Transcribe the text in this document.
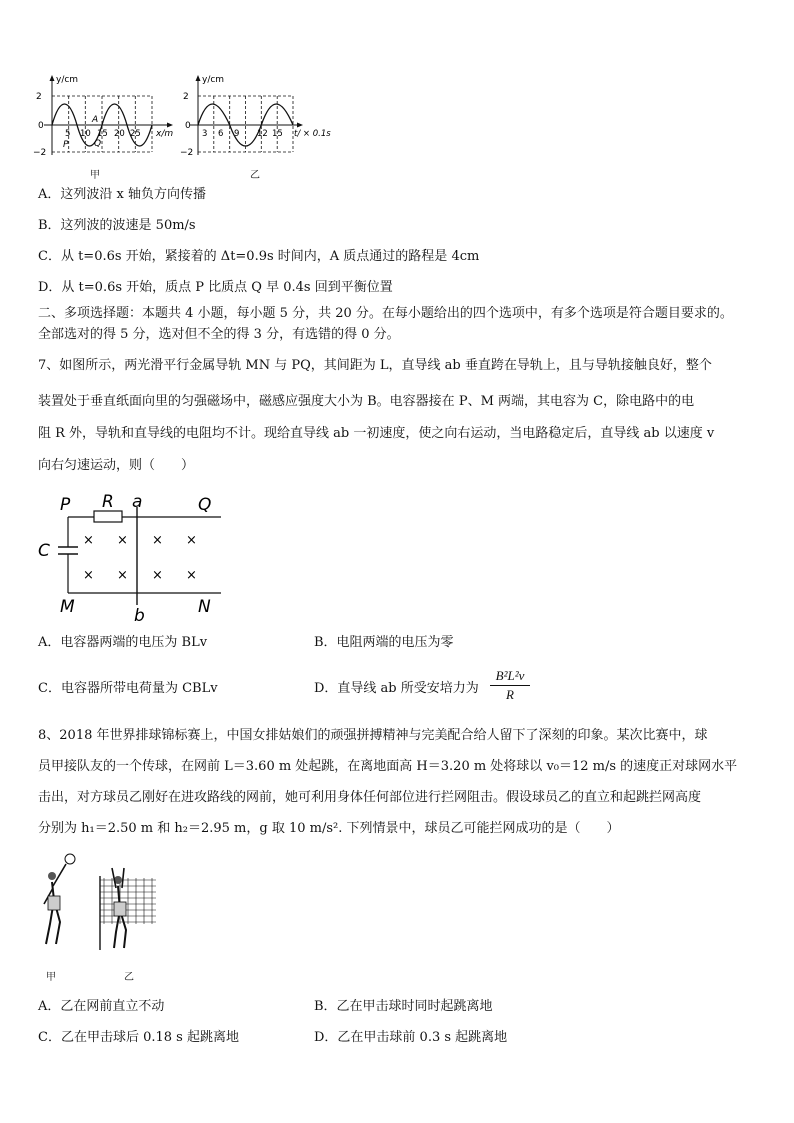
y/cm
2
0
−2
5 10 15 20 25 x/m
P
A
Q
甲
y/cm
2
0
−2
3 6 9 12 15 t/ × 0.1s
乙
A．这列波沿 x 轴负方向传播
B．这列波的波速是 50m/s
C．从 t=0.6s 开始，紧接着的 Δt=0.9s 时间内，A 质点通过的路程是 4cm
D．从 t=0.6s 开始，质点 P 比质点 Q 早 0.4s 回到平衡位置
二、多项选择题：本题共 4 小题，每小题 5 分，共 20 分。在每小题给出的四个选项中，有多个选项是符合题目要求的。
全部选对的得 5 分，选对但不全的得 3 分，有选错的得 0 分。
7、如图所示，两光滑平行金属导轨 MN 与 PQ，其间距为 L，直导线 ab 垂直跨在导轨上，且与导轨接触良好，整个
装置处于垂直纸面向里的匀强磁场中，磁感应强度大小为 B。电容器接在 P、M 两端，其电容为 C，除电路中的电
阻 R 外，导轨和直导线的电阻均不计。现给直导线 ab 一初速度，使之向右运动，当电路稳定后，直导线 ab 以速度 v
向右匀速运动，则（　　）
P R a	Q
C
M	b	N
× × × ×
× × × ×
A．电容器两端的电压为 BLv	B．电阻两端的电压为零
C．电容器所带电荷量为 CBLv	D．直导线 ab 所受安培力为
B²L²v
R
8、2018 年世界排球锦标赛上，中国女排姑娘们的顽强拼搏精神与完美配合给人留下了深刻的印象。某次比赛中，球
员甲接队友的一个传球，在网前 L＝3.60 m 处起跳，在离地面高 H＝3.20 m 处将球以 v₀＝12 m/s 的速度正对球网水平
击出，对方球员乙刚好在进攻路线的网前，她可利用身体任何部位进行拦网阻击。假设球员乙的直立和起跳拦网高度
分别为 h₁＝2.50 m 和 h₂＝2.95 m，g 取 10 m/s². 下列情景中，球员乙可能拦网成功的是（　　）
甲	乙
A．乙在网前直立不动	B．乙在甲击球时同时起跳离地
C．乙在甲击球后 0.18 s 起跳离地	D．乙在甲击球前 0.3 s 起跳离地
